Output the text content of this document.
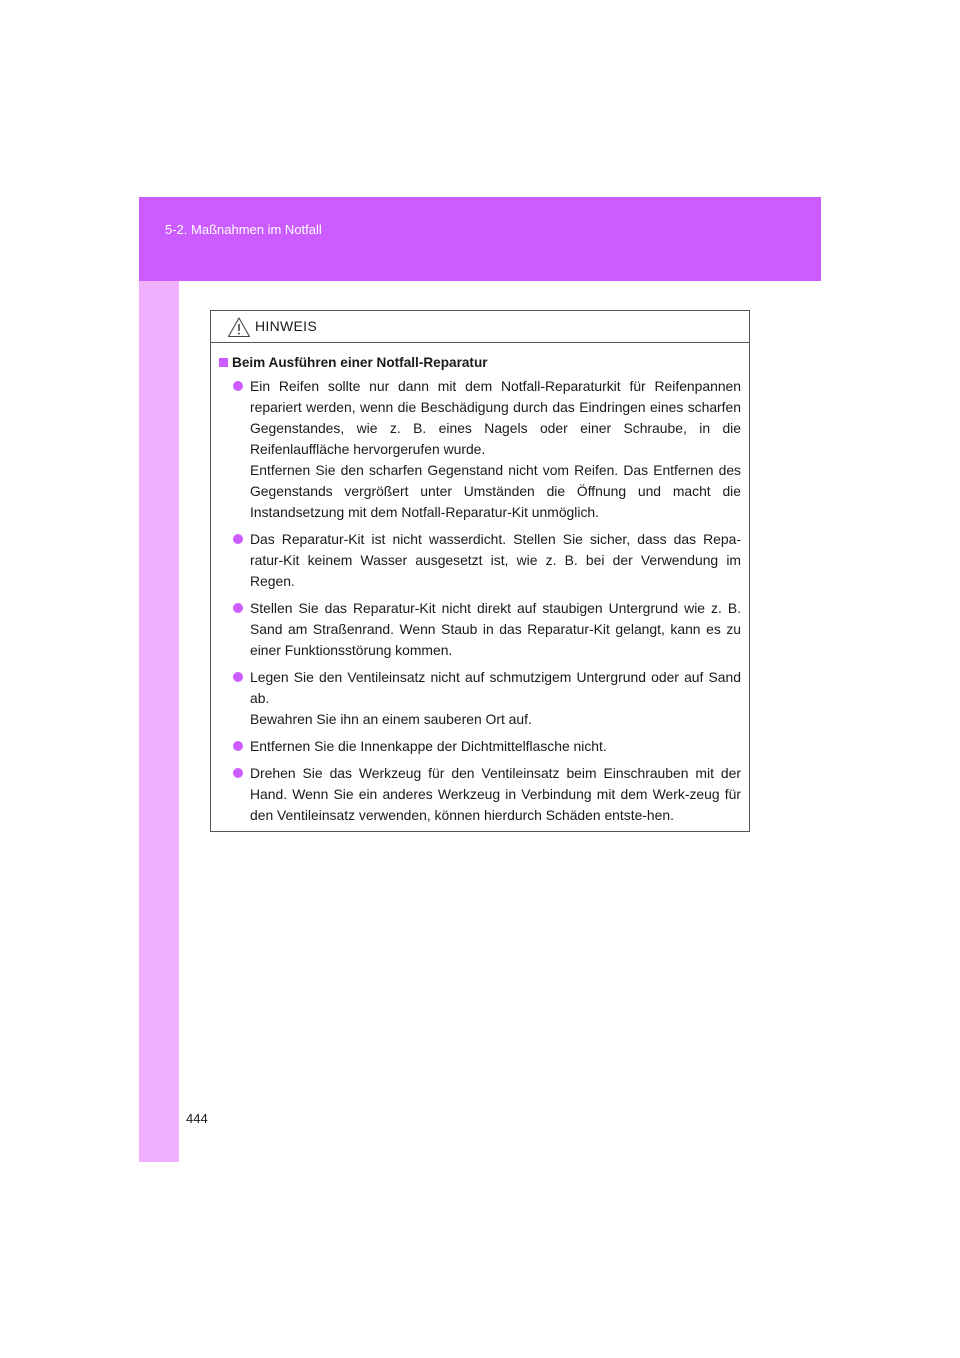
5-2. Maßnahmen im Notfall
444
HINWEIS
Beim Ausführen einer Notfall-Reparatur
Ein Reifen sollte nur dann mit dem Notfall-Reparaturkit für Reifenpannen repariert werden, wenn die Beschädigung durch das Eindringen eines scharfen Gegenstandes, wie z. B. eines Nagels oder einer Schraube, in die Reifenlauffläche hervorgerufen wurde.
Entfernen Sie den scharfen Gegenstand nicht vom Reifen. Das Entfernen des Gegenstands vergrößert unter Umständen die Öffnung und macht die Instandsetzung mit dem Notfall-Reparatur-Kit unmöglich.
Das Reparatur-Kit ist nicht wasserdicht. Stellen Sie sicher, dass das Repa-ratur-Kit keinem Wasser ausgesetzt ist, wie z. B. bei der Verwendung im Regen.
Stellen Sie das Reparatur-Kit nicht direkt auf staubigen Untergrund wie z. B. Sand am Straßenrand. Wenn Staub in das Reparatur-Kit gelangt, kann es zu einer Funktionsstörung kommen.
Legen Sie den Ventileinsatz nicht auf schmutzigem Untergrund oder auf Sand ab.
Bewahren Sie ihn an einem sauberen Ort auf.
Entfernen Sie die Innenkappe der Dichtmittelflasche nicht.
Drehen Sie das Werkzeug für den Ventileinsatz beim Einschrauben mit der Hand. Wenn Sie ein anderes Werkzeug in Verbindung mit dem Werk-zeug für den Ventileinsatz verwenden, können hierdurch Schäden entste-hen.
